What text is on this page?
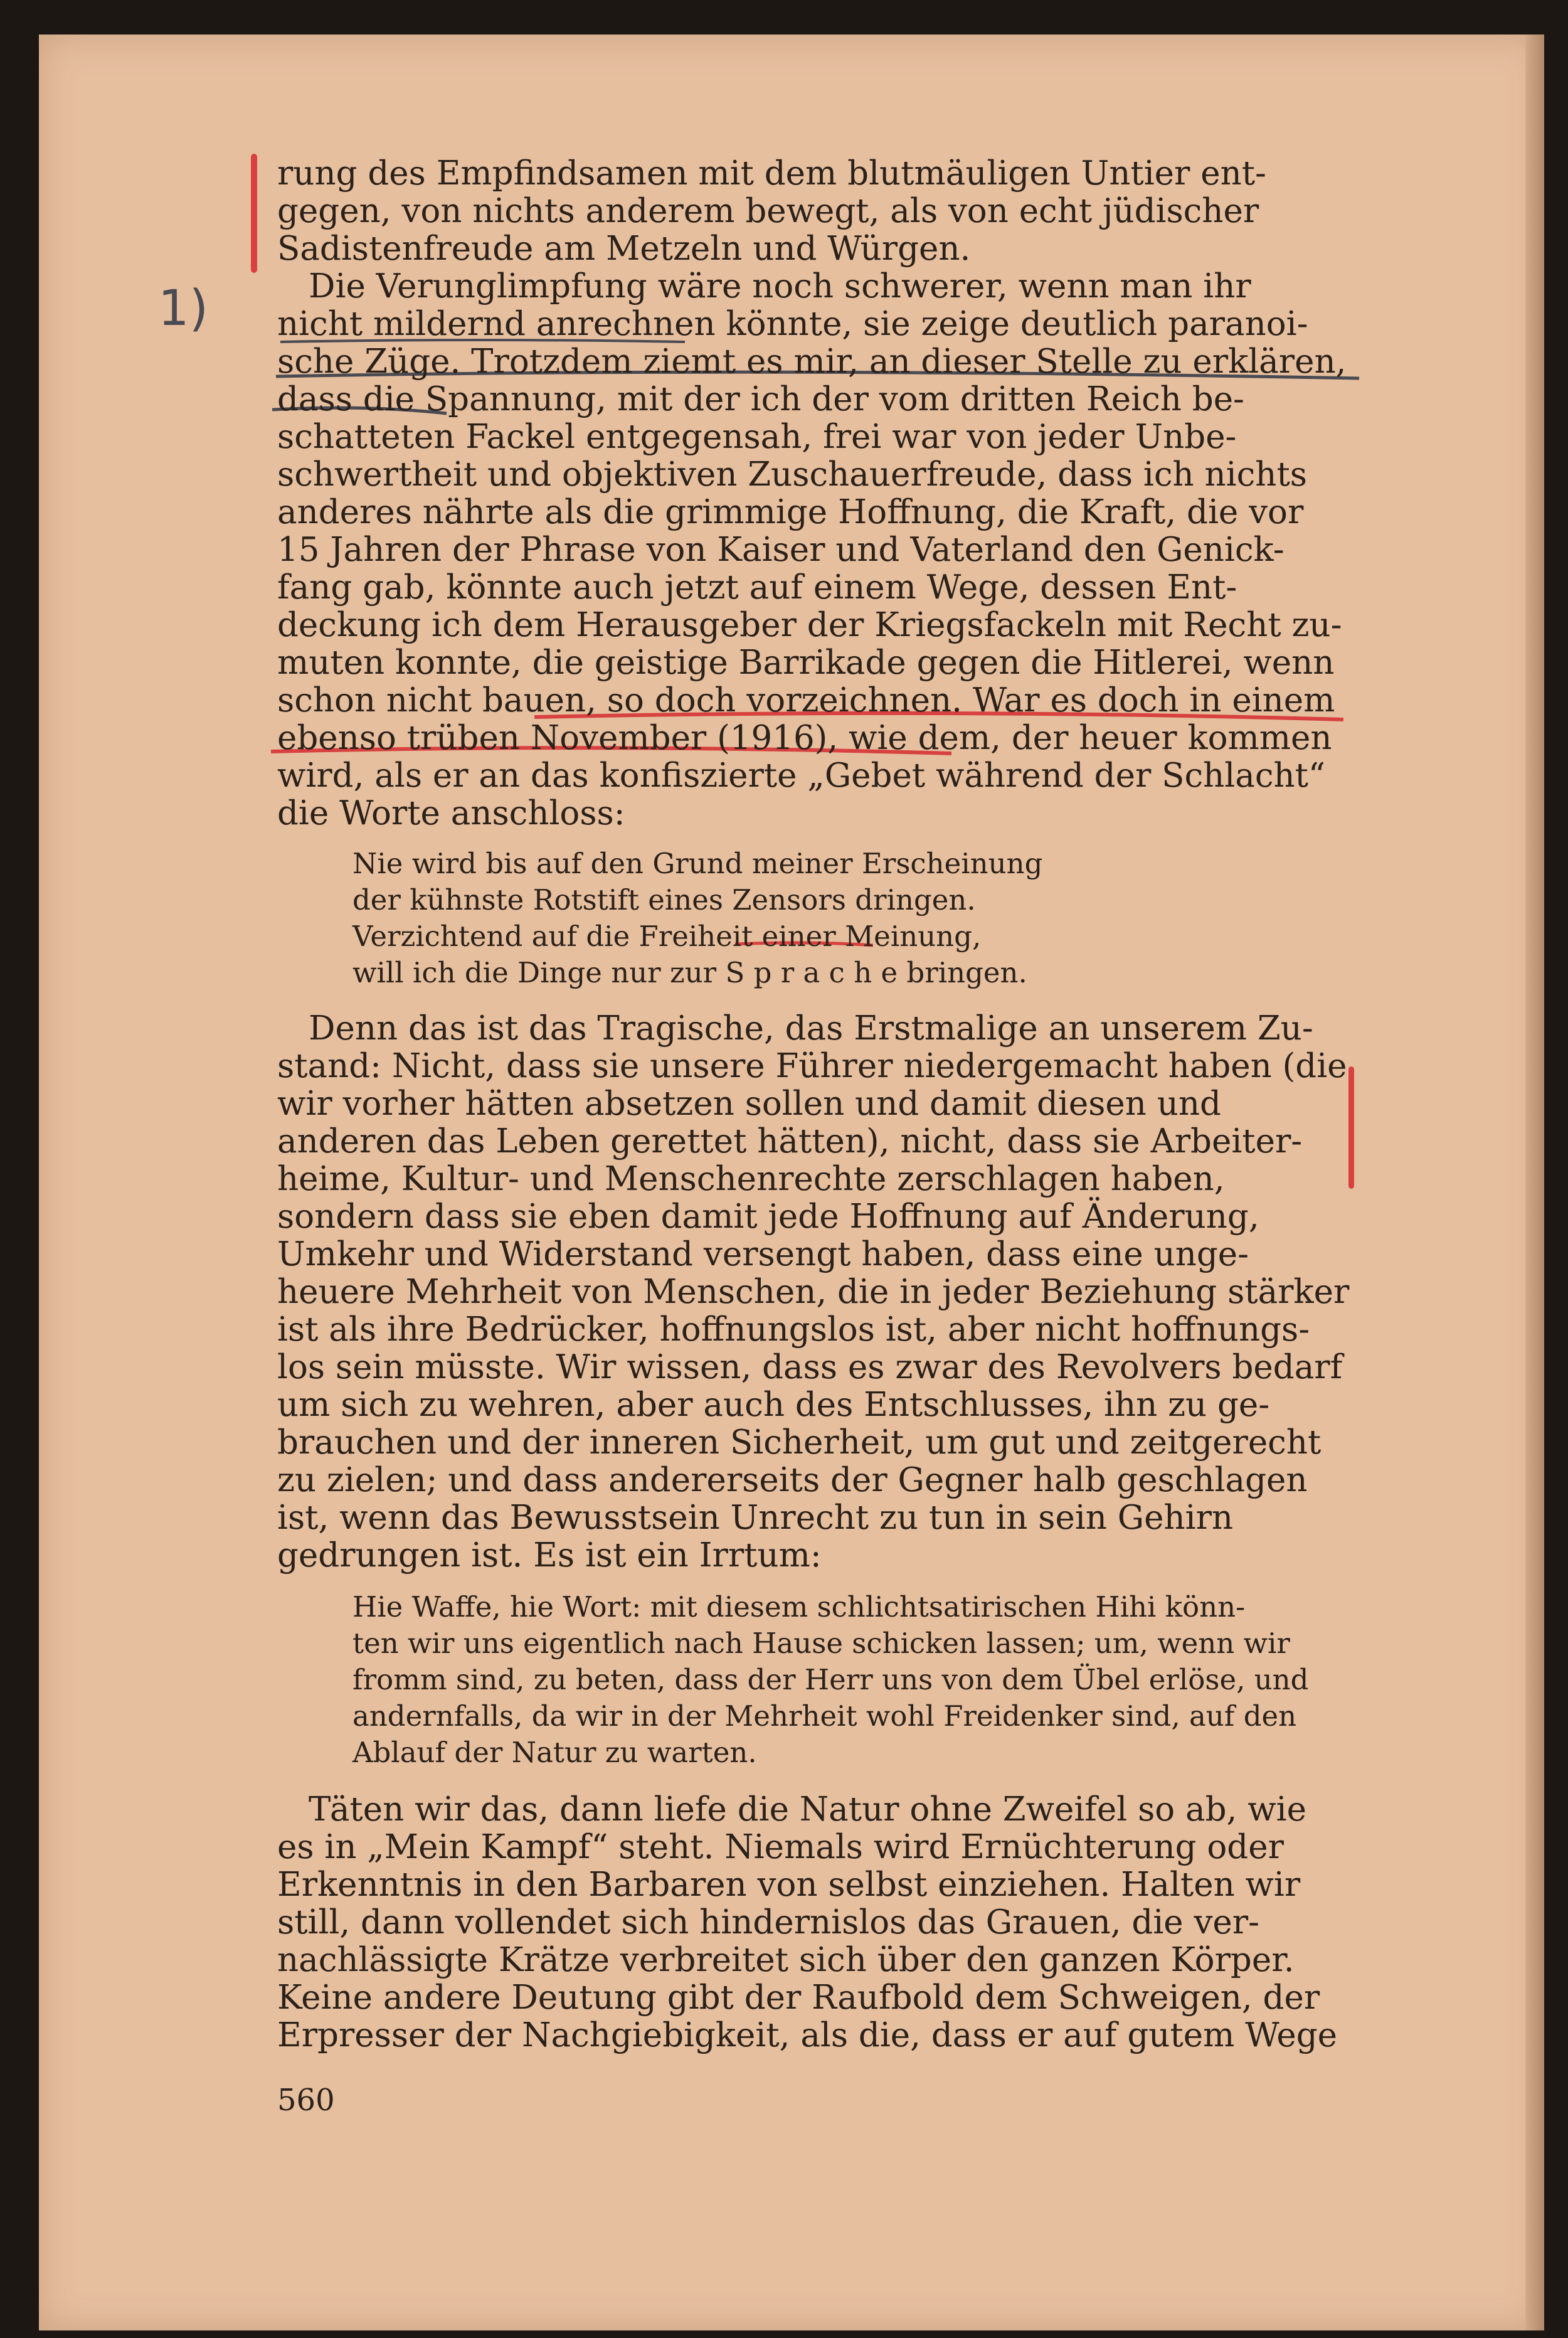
1)
rung des Empfindsamen mit dem blutmäuligen Untier ent-
gegen, von nichts anderem bewegt, als von echt jüdischer
Sadistenfreude am Metzeln und Würgen.
Die Verunglimpfung wäre noch schwerer, wenn man ihr
nicht mildernd anrechnen könnte, sie zeige deutlich paranoi-
sche Züge. Trotzdem ziemt es mir, an dieser Stelle zu erklären,
dass die Spannung, mit der ich der vom dritten Reich be-
schatteten Fackel entgegensah, frei war von jeder Unbe-
schwertheit und objektiven Zuschauerfreude, dass ich nichts
anderes nährte als die grimmige Hoffnung, die Kraft, die vor
15 Jahren der Phrase von Kaiser und Vaterland den Genick-
fang gab, könnte auch jetzt auf einem Wege, dessen Ent-
deckung ich dem Herausgeber der Kriegsfackeln mit Recht zu-
muten konnte, die geistige Barrikade gegen die Hitlerei, wenn
schon nicht bauen, so doch vorzeichnen. War es doch in einem
ebenso trüben November (1916), wie dem, der heuer kommen
wird, als er an das konfiszierte „Gebet während der Schlacht“
die Worte anschloss:
Nie wird bis auf den Grund meiner Erscheinung
der kühnste Rotstift eines Zensors dringen.
Verzichtend auf die Freiheit einer Meinung,
will ich die Dinge nur zur S p r a c h e bringen.
Denn das ist das Tragische, das Erstmalige an unserem Zu-
stand: Nicht, dass sie unsere Führer niedergemacht haben (die
wir vorher hätten absetzen sollen und damit diesen und
anderen das Leben gerettet hätten), nicht, dass sie Arbeiter-
heime, Kultur- und Menschenrechte zerschlagen haben,
sondern dass sie eben damit jede Hoffnung auf Änderung,
Umkehr und Widerstand versengt haben, dass eine unge-
heuere Mehrheit von Menschen, die in jeder Beziehung stärker
ist als ihre Bedrücker, hoffnungslos ist, aber nicht hoffnungs-
los sein müsste. Wir wissen, dass es zwar des Revolvers bedarf
um sich zu wehren, aber auch des Entschlusses, ihn zu ge-
brauchen und der inneren Sicherheit, um gut und zeitgerecht
zu zielen; und dass andererseits der Gegner halb geschlagen
ist, wenn das Bewusstsein Unrecht zu tun in sein Gehirn
gedrungen ist. Es ist ein Irrtum:
Hie Waffe, hie Wort: mit diesem schlichtsatirischen Hihi könn-
ten wir uns eigentlich nach Hause schicken lassen; um, wenn wir
fromm sind, zu beten, dass der Herr uns von dem Übel erlöse, und
andernfalls, da wir in der Mehrheit wohl Freidenker sind, auf den
Ablauf der Natur zu warten.
Täten wir das, dann liefe die Natur ohne Zweifel so ab, wie
es in „Mein Kampf“ steht. Niemals wird Ernüchterung oder
Erkenntnis in den Barbaren von selbst einziehen. Halten wir
still, dann vollendet sich hindernislos das Grauen, die ver-
nachlässigte Krätze verbreitet sich über den ganzen Körper.
Keine andere Deutung gibt der Raufbold dem Schweigen, der
Erpresser der Nachgiebigkeit, als die, dass er auf gutem Wege
560
